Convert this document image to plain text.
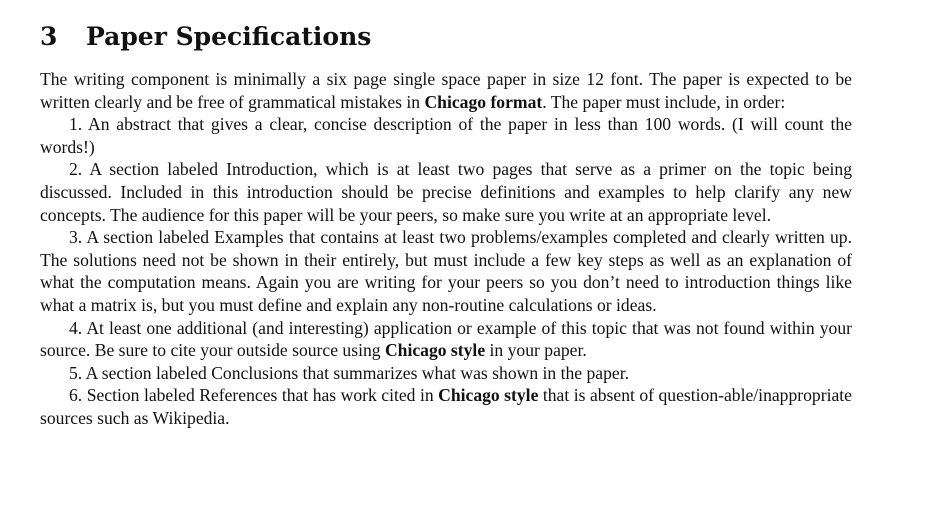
3 Paper Specifications

The writing component is minimally a six page single space paper in size 12 font. The paper is expected to be written clearly and be free of grammatical mistakes in Chicago format. The paper must include, in order:

1. An abstract that gives a clear, concise description of the paper in less than 100 words. (I will count the words!)

2. A section labeled Introduction, which is at least two pages that serve as a primer on the topic being discussed. Included in this introduction should be precise definitions and examples to help clarify any new concepts. The audience for this paper will be your peers, so make sure you write at an appropriate level.

3. A section labeled Examples that contains at least two problems/examples completed and clearly written up. The solutions need not be shown in their entirely, but must include a few key steps as well as an explanation of what the computation means. Again you are writing for your peers so you don’t need to introduction things like what a matrix is, but you must define and explain any non-routine calculations or ideas.

4. At least one additional (and interesting) application or example of this topic that was not found within your source. Be sure to cite your outside source using Chicago style in your paper.

5. A section labeled Conclusions that summarizes what was shown in the paper.

6. Section labeled References that has work cited in Chicago style that is absent of question-able/inappropriate sources such as Wikipedia.
